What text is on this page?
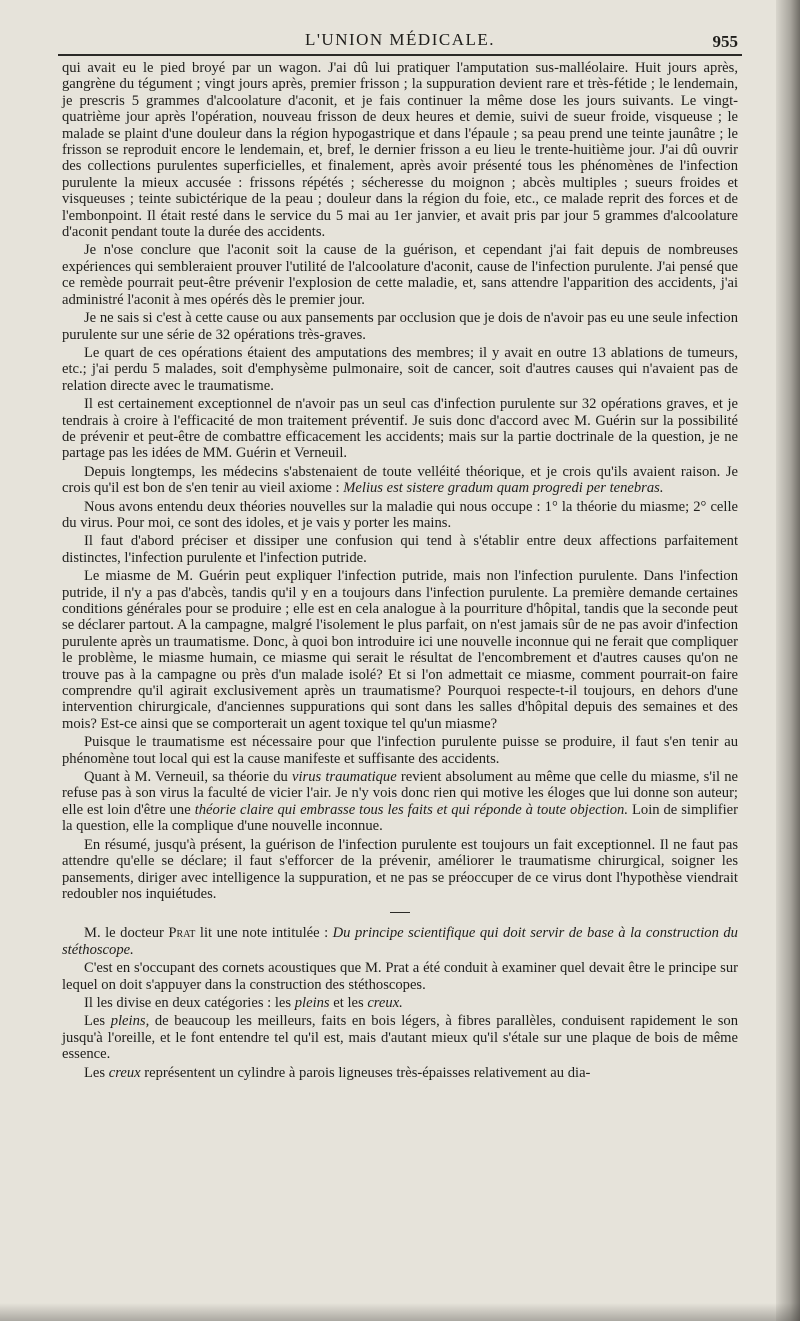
L'UNION MÉDICALE.	955

qui avait eu le pied broyé par un wagon. J'ai dû lui pratiquer l'amputation sus-malléolaire. Huit jours après, gangrène du tégument ; vingt jours après, premier frisson ; la suppuration devient rare et très-fétide ; le lendemain, je prescris 5 grammes d'alcoolature d'aconit, et je fais continuer la même dose les jours suivants. Le vingt-quatrième jour après l'opération, nouveau frisson de deux heures et demie, suivi de sueur froide, visqueuse ; le malade se plaint d'une douleur dans la région hypogastrique et dans l'épaule ; sa peau prend une teinte jaunâtre ; le frisson se reproduit encore le lendemain, et, bref, le dernier frisson a eu lieu le trente-huitième jour. J'ai dû ouvrir des collections purulentes superficielles, et finalement, après avoir présenté tous les phénomènes de l'infection purulente la mieux accusée : frissons répétés ; sécheresse du moignon ; abcès multiples ; sueurs froides et visqueuses ; teinte subictérique de la peau ; douleur dans la région du foie, etc., ce malade reprit des forces et de l'embonpoint. Il était resté dans le service du 5 mai au 1er janvier, et avait pris par jour 5 grammes d'alcoolature d'aconit pendant toute la durée des accidents.

Je n'ose conclure que l'aconit soit la cause de la guérison, et cependant j'ai fait depuis de nombreuses expériences qui sembleraient prouver l'utilité de l'alcoolature d'aconit, cause de l'infection purulente. J'ai pensé que ce remède pourrait peut-être prévenir l'explosion de cette maladie, et, sans attendre l'apparition des accidents, j'ai administré l'aconit à mes opérés dès le premier jour.

Je ne sais si c'est à cette cause ou aux pansements par occlusion que je dois de n'avoir pas eu une seule infection purulente sur une série de 32 opérations très-graves.

Le quart de ces opérations étaient des amputations des membres; il y avait en outre 13 ablations de tumeurs, etc.; j'ai perdu 5 malades, soit d'emphysème pulmonaire, soit de cancer, soit d'autres causes qui n'avaient pas de relation directe avec le traumatisme.

Il est certainement exceptionnel de n'avoir pas un seul cas d'infection purulente sur 32 opérations graves, et je tendrais à croire à l'efficacité de mon traitement préventif. Je suis donc d'accord avec M. Guérin sur la possibilité de prévenir et peut-être de combattre efficacement les accidents; mais sur la partie doctrinale de la question, je ne partage pas les idées de MM. Guérin et Verneuil.

Depuis longtemps, les médecins s'abstenaient de toute velléité théorique, et je crois qu'ils avaient raison. Je crois qu'il est bon de s'en tenir au vieil axiome : Melius est sistere gradum quam progredi per tenebras.

Nous avons entendu deux théories nouvelles sur la maladie qui nous occupe : 1° la théorie du miasme; 2° celle du virus. Pour moi, ce sont des idoles, et je vais y porter les mains.

Il faut d'abord préciser et dissiper une confusion qui tend à s'établir entre deux affections parfaitement distinctes, l'infection purulente et l'infection putride.

Le miasme de M. Guérin peut expliquer l'infection putride, mais non l'infection purulente. Dans l'infection putride, il n'y a pas d'abcès, tandis qu'il y en a toujours dans l'infection purulente. La première demande certaines conditions générales pour se produire ; elle est en cela analogue à la pourriture d'hôpital, tandis que la seconde peut se déclarer partout. A la campagne, malgré l'isolement le plus parfait, on n'est jamais sûr de ne pas avoir d'infection purulente après un traumatisme. Donc, à quoi bon introduire ici une nouvelle inconnue qui ne ferait que compliquer le problème, le miasme humain, ce miasme qui serait le résultat de l'encombrement et d'autres causes qu'on ne trouve pas à la campagne ou près d'un malade isolé? Et si l'on admettait ce miasme, comment pourrait-on faire comprendre qu'il agirait exclusivement après un traumatisme? Pourquoi respecte-t-il toujours, en dehors d'une intervention chirurgicale, d'anciennes suppurations qui sont dans les salles d'hôpital depuis des semaines et des mois? Est-ce ainsi que se comporterait un agent toxique tel qu'un miasme?

Puisque le traumatisme est nécessaire pour que l'infection purulente puisse se produire, il faut s'en tenir au phénomène tout local qui est la cause manifeste et suffisante des accidents.

Quant à M. Verneuil, sa théorie du virus traumatique revient absolument au même que celle du miasme, s'il ne refuse pas à son virus la faculté de vicier l'air. Je n'y vois donc rien qui motive les éloges que lui donne son auteur; elle est loin d'être une théorie claire qui embrasse tous les faits et qui réponde à toute objection. Loin de simplifier la question, elle la complique d'une nouvelle inconnue.

En résumé, jusqu'à présent, la guérison de l'infection purulente est toujours un fait exceptionnel. Il ne faut pas attendre qu'elle se déclare; il faut s'efforcer de la prévenir, améliorer le traumatisme chirurgical, soigner les pansements, diriger avec intelligence la suppuration, et ne pas se préoccuper de ce virus dont l'hypothèse viendrait redoubler nos inquiétudes.

M. le docteur Prat lit une note intitulée : Du principe scientifique qui doit servir de base à la construction du stéthoscope.

C'est en s'occupant des cornets acoustiques que M. Prat a été conduit à examiner quel devait être le principe sur lequel on doit s'appuyer dans la construction des stéthoscopes.

Il les divise en deux catégories : les pleins et les creux.

Les pleins, de beaucoup les meilleurs, faits en bois légers, à fibres parallèles, conduisent rapidement le son jusqu'à l'oreille, et le font entendre tel qu'il est, mais d'autant mieux qu'il s'étale sur une plaque de bois de même essence.

Les creux représentent un cylindre à parois ligneuses très-épaisses relativement au dia-
